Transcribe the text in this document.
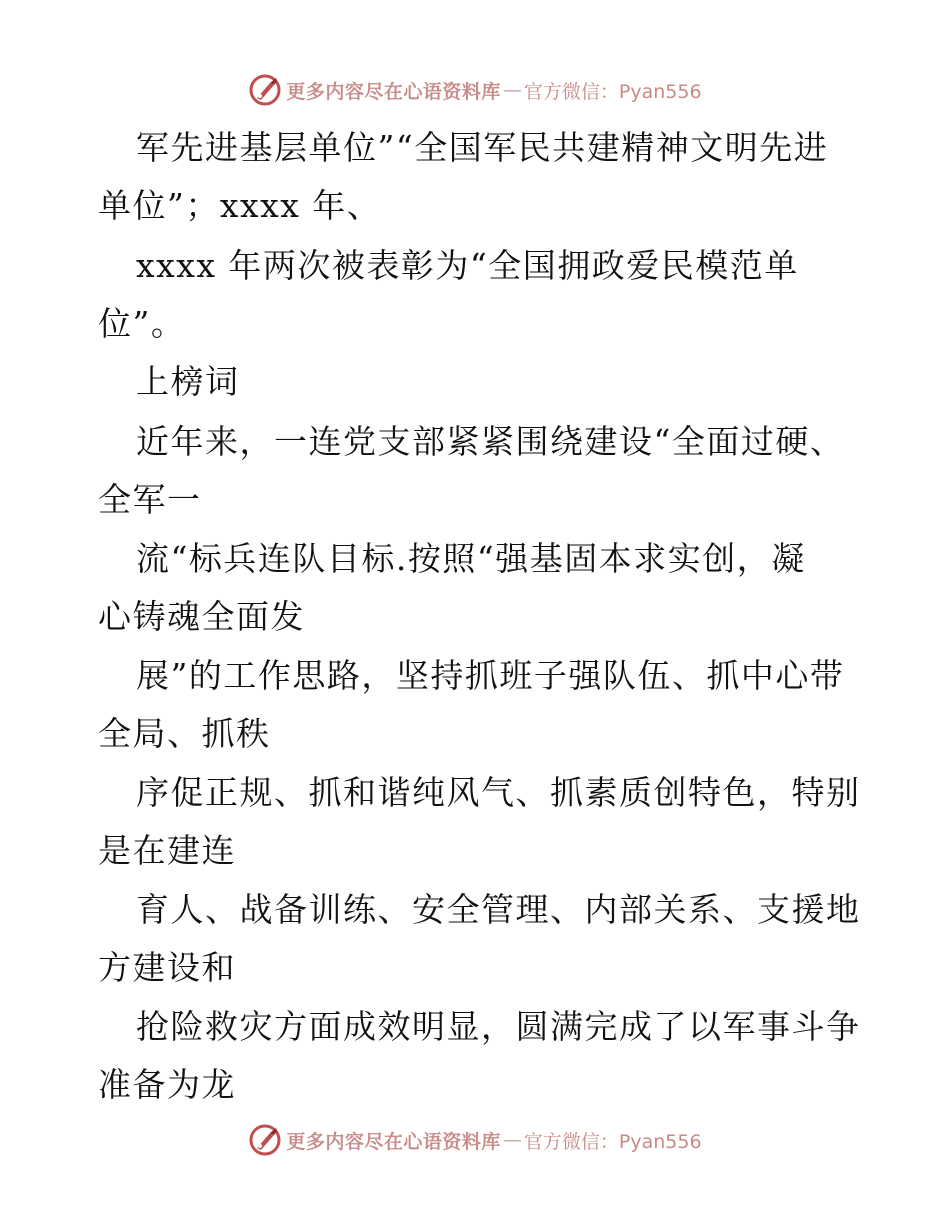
更多内容尽在心语资料库 — 官方微信：Pyan556
军先进基层单位”“全国军民共建精神文明先进
单位”；xxxx 年、
xxxx 年两次被表彰为“全国拥政爱民模范单
位”。
上榜词
近年来，一连党支部紧紧围绕建设“全面过硬、
全军一
流“标兵连队目标.按照“强基固本求实创，凝
心铸魂全面发
展”的工作思路，坚持抓班子强队伍、抓中心带
全局、抓秩
序促正规、抓和谐纯风气、抓素质创特色，特别
是在建连
育人、战备训练、安全管理、内部关系、支援地
方建设和
抢险救灾方面成效明显，圆满完成了以军事斗争
准备为龙
更多内容尽在心语资料库 — 官方微信：Pyan556
